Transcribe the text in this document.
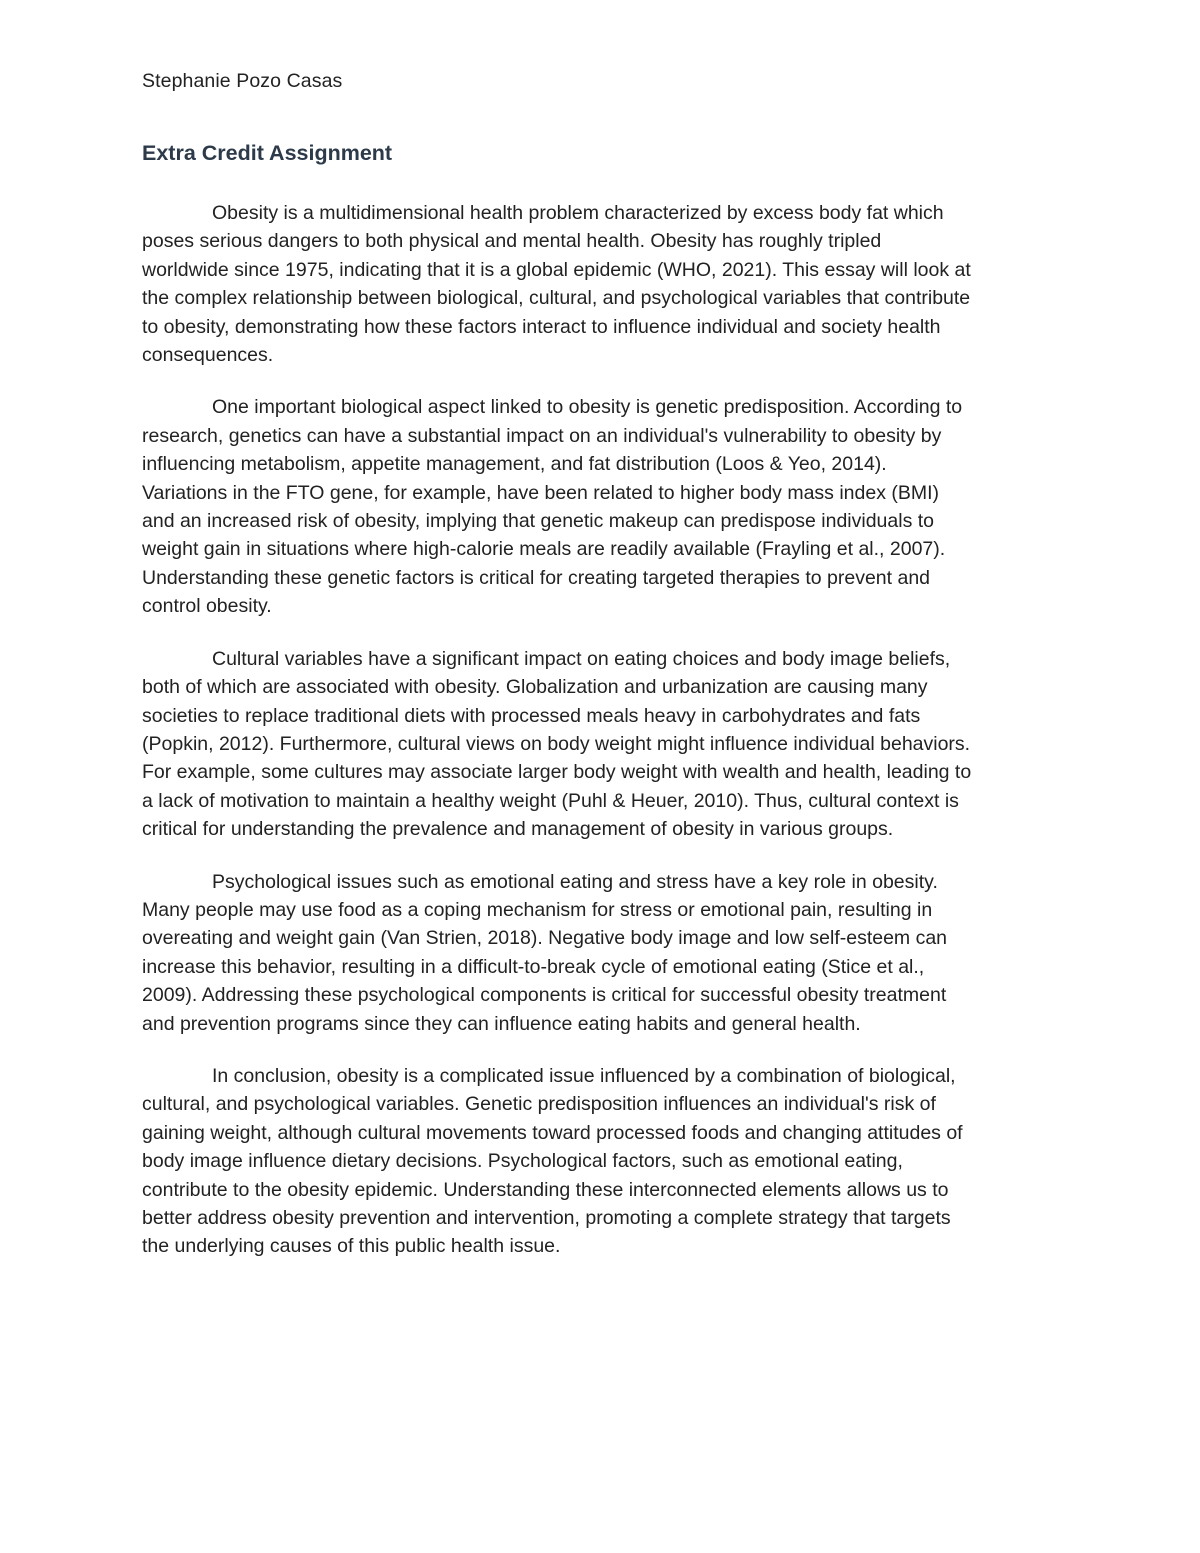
Stephanie Pozo Casas

Extra Credit Assignment

Obesity is a multidimensional health problem characterized by excess body fat which
poses serious dangers to both physical and mental health. Obesity has roughly tripled
worldwide since 1975, indicating that it is a global epidemic (WHO, 2021). This essay will look at
the complex relationship between biological, cultural, and psychological variables that contribute
to obesity, demonstrating how these factors interact to influence individual and society health
consequences.

One important biological aspect linked to obesity is genetic predisposition. According to
research, genetics can have a substantial impact on an individual's vulnerability to obesity by
influencing metabolism, appetite management, and fat distribution (Loos & Yeo, 2014).
Variations in the FTO gene, for example, have been related to higher body mass index (BMI)
and an increased risk of obesity, implying that genetic makeup can predispose individuals to
weight gain in situations where high-calorie meals are readily available (Frayling et al., 2007).
Understanding these genetic factors is critical for creating targeted therapies to prevent and
control obesity.

Cultural variables have a significant impact on eating choices and body image beliefs,
both of which are associated with obesity. Globalization and urbanization are causing many
societies to replace traditional diets with processed meals heavy in carbohydrates and fats
(Popkin, 2012). Furthermore, cultural views on body weight might influence individual behaviors.
For example, some cultures may associate larger body weight with wealth and health, leading to
a lack of motivation to maintain a healthy weight (Puhl & Heuer, 2010). Thus, cultural context is
critical for understanding the prevalence and management of obesity in various groups.

Psychological issues such as emotional eating and stress have a key role in obesity.
Many people may use food as a coping mechanism for stress or emotional pain, resulting in
overeating and weight gain (Van Strien, 2018). Negative body image and low self-esteem can
increase this behavior, resulting in a difficult-to-break cycle of emotional eating (Stice et al.,
2009). Addressing these psychological components is critical for successful obesity treatment
and prevention programs since they can influence eating habits and general health.

In conclusion, obesity is a complicated issue influenced by a combination of biological,
cultural, and psychological variables. Genetic predisposition influences an individual's risk of
gaining weight, although cultural movements toward processed foods and changing attitudes of
body image influence dietary decisions. Psychological factors, such as emotional eating,
contribute to the obesity epidemic. Understanding these interconnected elements allows us to
better address obesity prevention and intervention, promoting a complete strategy that targets
the underlying causes of this public health issue.
